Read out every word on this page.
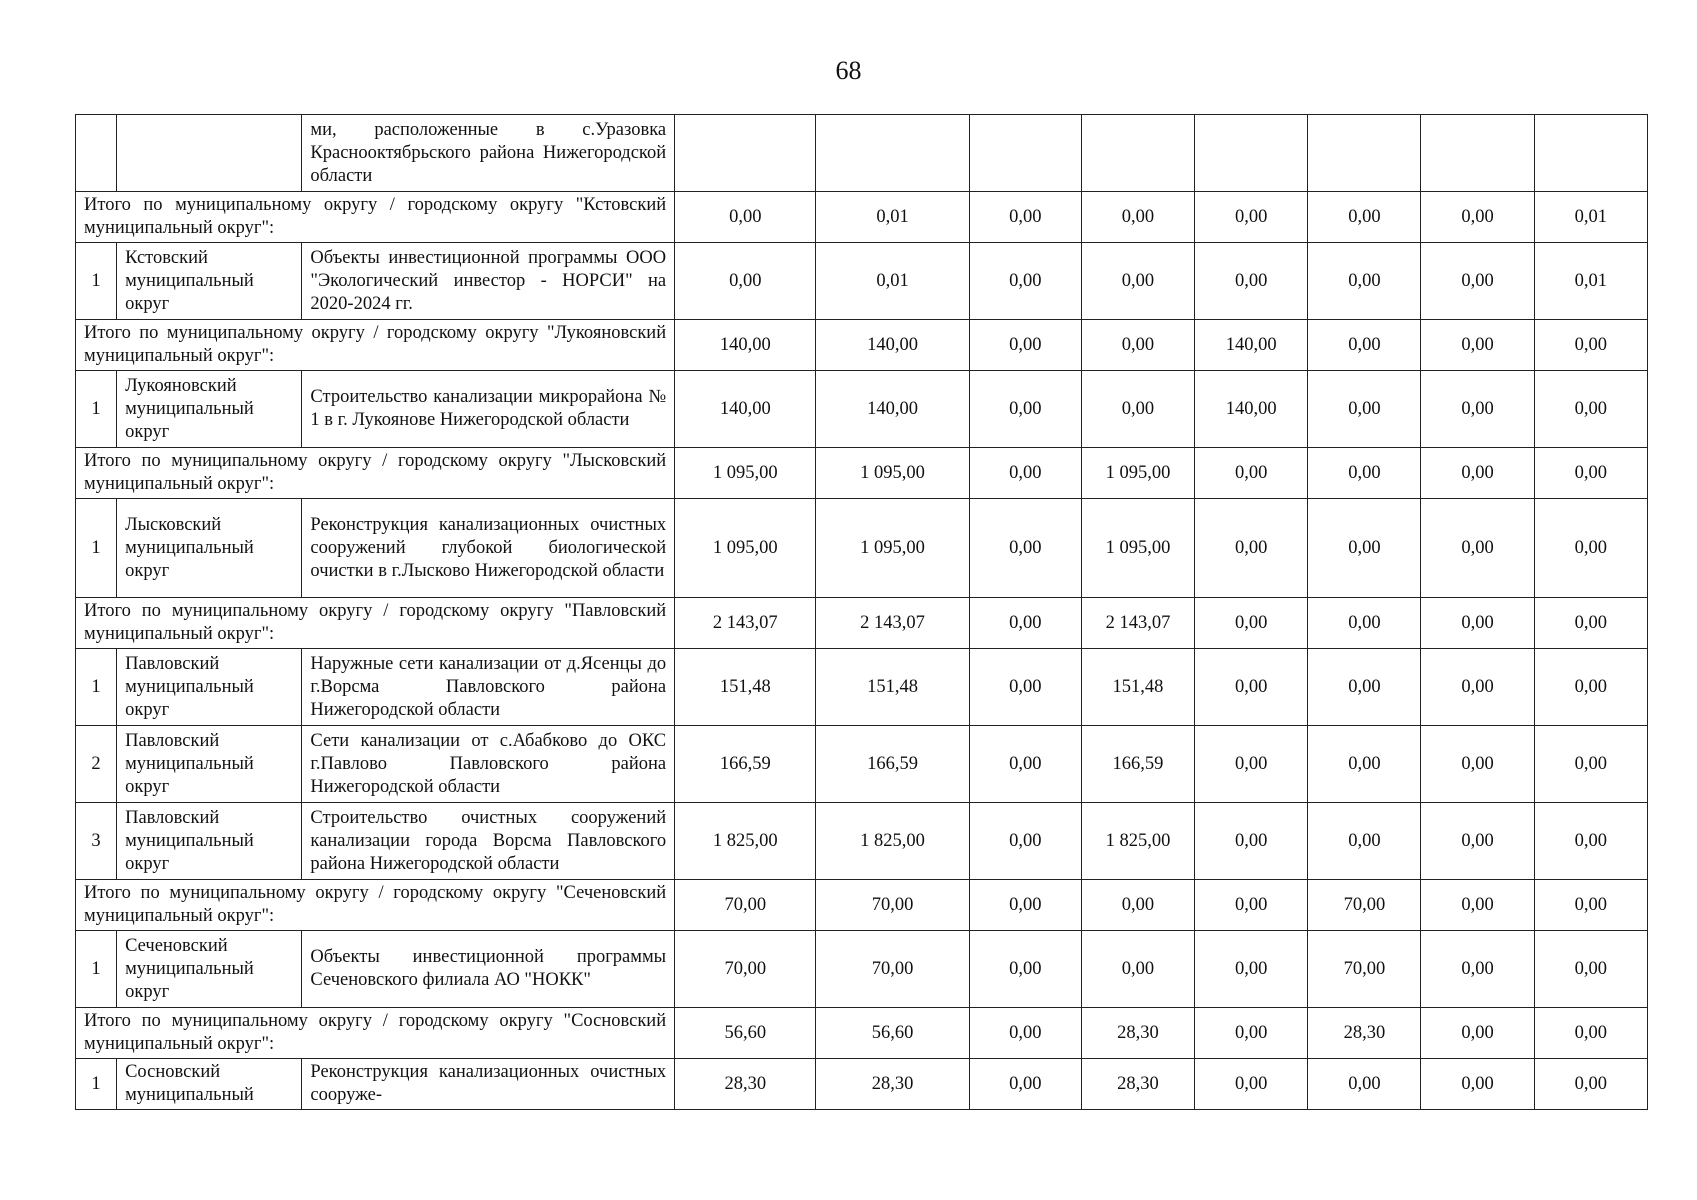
68
		ми, расположенные в с.Уразовка Краснооктябрьского района Нижегородской области								
Итого по муниципальному округу / городскому округу "Кстовский муниципальный округ":			0,00	0,01	0,00	0,00	0,00	0,00	0,00	0,01
1	Кстовский муниципальный округ	Объекты инвестиционной программы ООО "Экологический инвестор - НОРСИ" на 2020-2024 гг.	0,00	0,01	0,00	0,00	0,00	0,00	0,00	0,01
Итого по муниципальному округу / городскому округу "Лукояновский муниципальный округ":			140,00	140,00	0,00	0,00	140,00	0,00	0,00	0,00
1	Лукояновский муниципальный округ	Строительство канализации микрорайона № 1 в г. Лукоянове Нижегородской области	140,00	140,00	0,00	0,00	140,00	0,00	0,00	0,00
Итого по муниципальному округу / городскому округу "Лысковский муниципальный округ":			1 095,00	1 095,00	0,00	1 095,00	0,00	0,00	0,00	0,00
1	Лысковский муниципальный округ	Реконструкция канализационных очистных сооружений глубокой биологической очистки в г.Лысково Нижегородской области	1 095,00	1 095,00	0,00	1 095,00	0,00	0,00	0,00	0,00
Итого по муниципальному округу / городскому округу "Павловский муниципальный округ":			2 143,07	2 143,07	0,00	2 143,07	0,00	0,00	0,00	0,00
1	Павловский муниципальный округ	Наружные сети канализации от д.Ясенцы до г.Ворсма Павловского района Нижегородской области	151,48	151,48	0,00	151,48	0,00	0,00	0,00	0,00
2	Павловский муниципальный округ	Сети канализации от с.Абабково до ОКС г.Павлово Павловского района Нижегородской области	166,59	166,59	0,00	166,59	0,00	0,00	0,00	0,00
3	Павловский муниципальный округ	Строительство очистных сооружений канализации города Ворсма Павловского района Нижегородской области	1 825,00	1 825,00	0,00	1 825,00	0,00	0,00	0,00	0,00
Итого по муниципальному округу / городскому округу "Сеченовский муниципальный округ":			70,00	70,00	0,00	0,00	0,00	70,00	0,00	0,00
1	Сеченовский муниципальный округ	Объекты инвестиционной программы Сеченовского филиала АО "НОКК"	70,00	70,00	0,00	0,00	0,00	70,00	0,00	0,00
Итого по муниципальному округу / городскому округу "Сосновский муниципальный округ":			56,60	56,60	0,00	28,30	0,00	28,30	0,00	0,00
1	Сосновский муниципальный	Реконструкция канализационных очистных сооруже-	28,30	28,30	0,00	28,30	0,00	0,00	0,00	0,00
